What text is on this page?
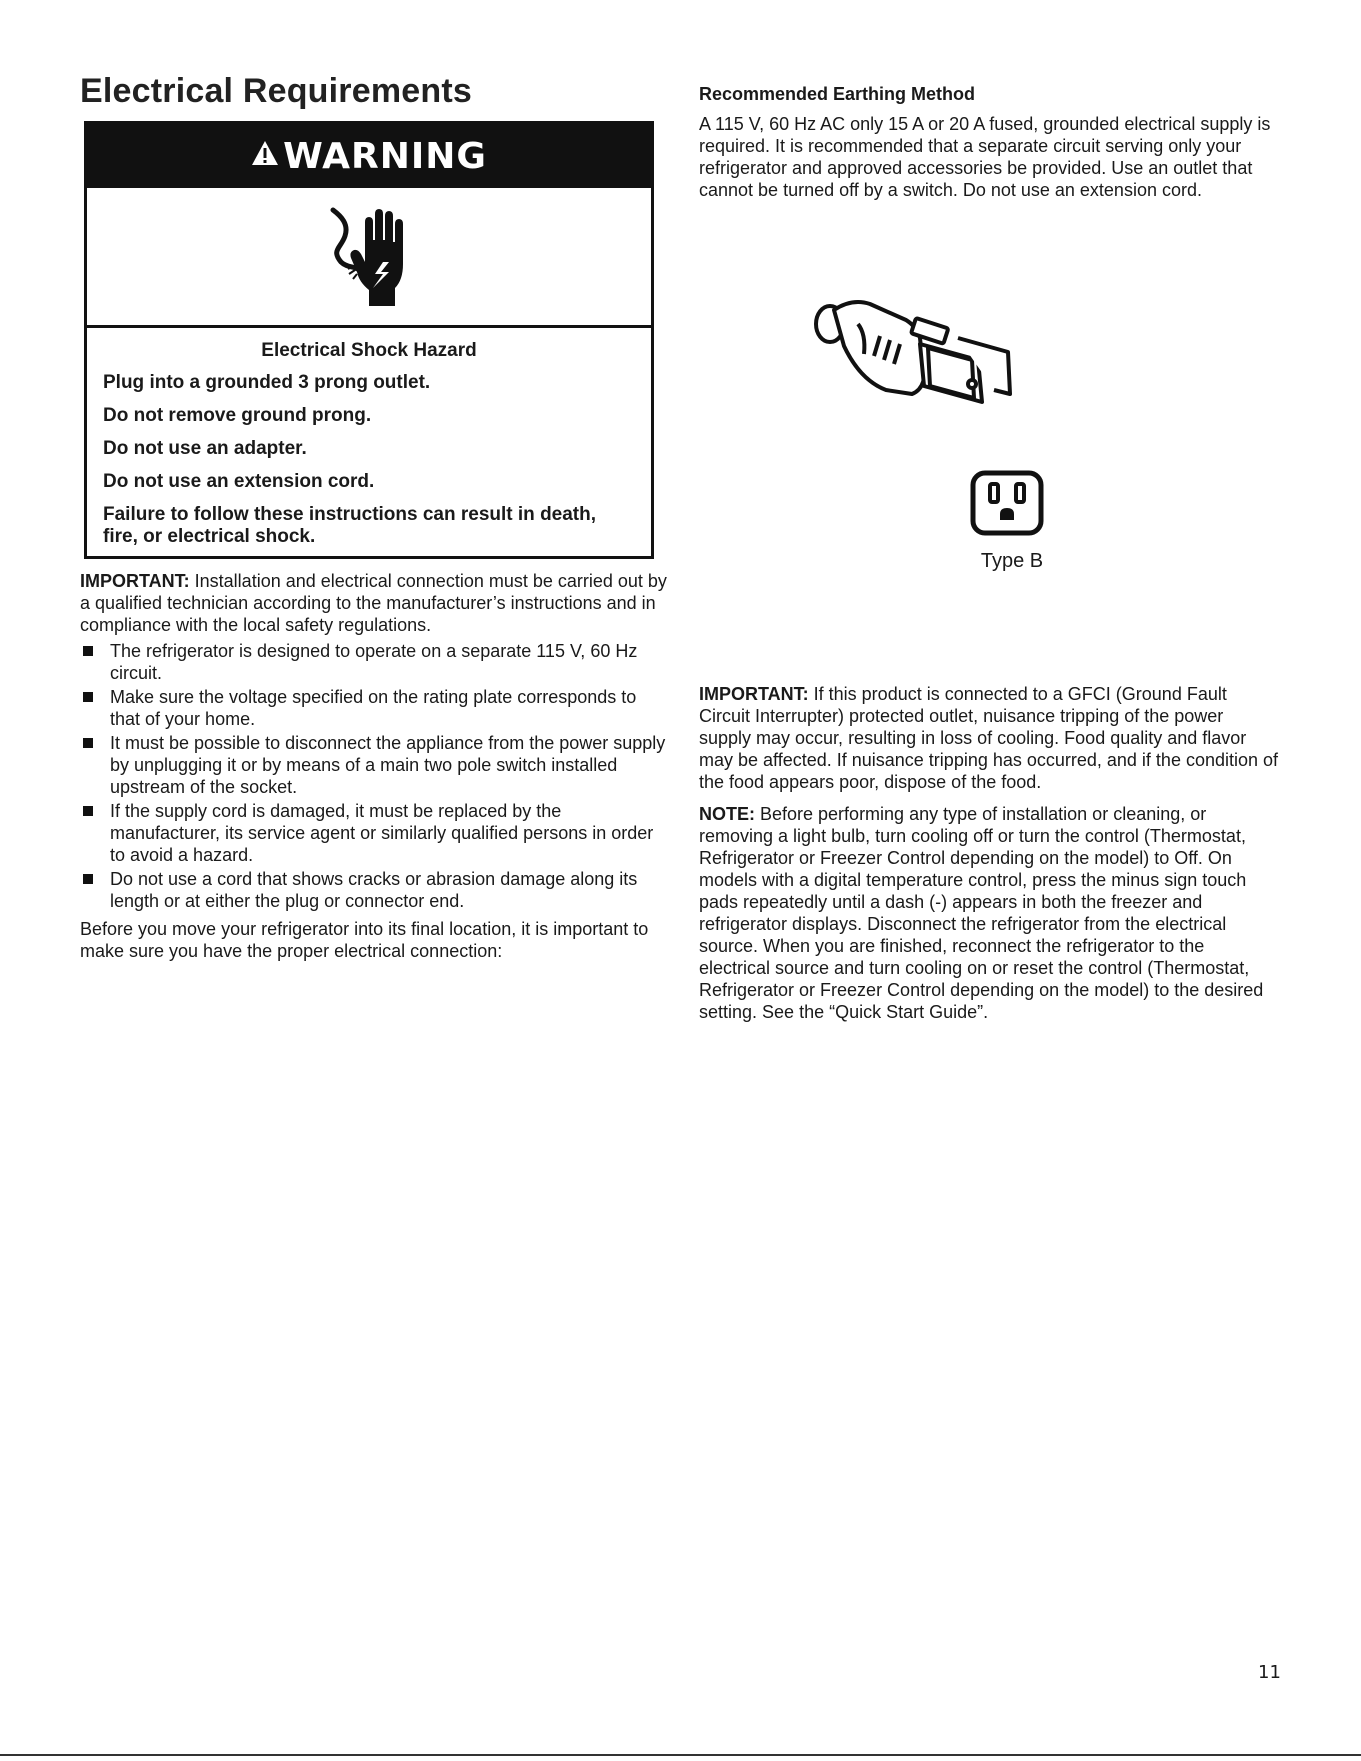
Electrical Requirements
WARNING

Electrical Shock Hazard

Plug into a grounded 3 prong outlet.

Do not remove ground prong.

Do not use an adapter.

Do not use an extension cord.

Failure to follow these instructions can result in death, fire, or electrical shock.

IMPORTANT: Installation and electrical connection must be carried out by a qualified technician according to the manufacturer’s instructions and in compliance with the local safety regulations.

The refrigerator is designed to operate on a separate 115 V, 60 Hz circuit.
Make sure the voltage specified on the rating plate corresponds to that of your home.
It must be possible to disconnect the appliance from the power supply by unplugging it or by means of a main two pole switch installed upstream of the socket.
If the supply cord is damaged, it must be replaced by the manufacturer, its service agent or similarly qualified persons in order to avoid a hazard.
Do not use a cord that shows cracks or abrasion damage along its length or at either the plug or connector end.

Before you move your refrigerator into its final location, it is important to make sure you have the proper electrical connection:

Recommended Earthing Method

A 115 V, 60 Hz AC only 15 A or 20 A fused, grounded electrical supply is required. It is recommended that a separate circuit serving only your refrigerator and approved accessories be provided. Use an outlet that cannot be turned off by a switch. Do not use an extension cord.

Type B

IMPORTANT: If this product is connected to a GFCI (Ground Fault Circuit Interrupter) protected outlet, nuisance tripping of the power supply may occur, resulting in loss of cooling. Food quality and flavor may be affected. If nuisance tripping has occurred, and if the condition of the food appears poor, dispose of the food.

NOTE: Before performing any type of installation or cleaning, or removing a light bulb, turn cooling off or turn the control (Thermostat, Refrigerator or Freezer Control depending on the model) to Off. On models with a digital temperature control, press the minus sign touch pads repeatedly until a dash (-) appears in both the freezer and refrigerator displays. Disconnect the refrigerator from the electrical source. When you are finished, reconnect the refrigerator to the electrical source and turn cooling on or reset the control (Thermostat, Refrigerator or Freezer Control depending on the model) to the desired setting. See the “Quick Start Guide”.

11
